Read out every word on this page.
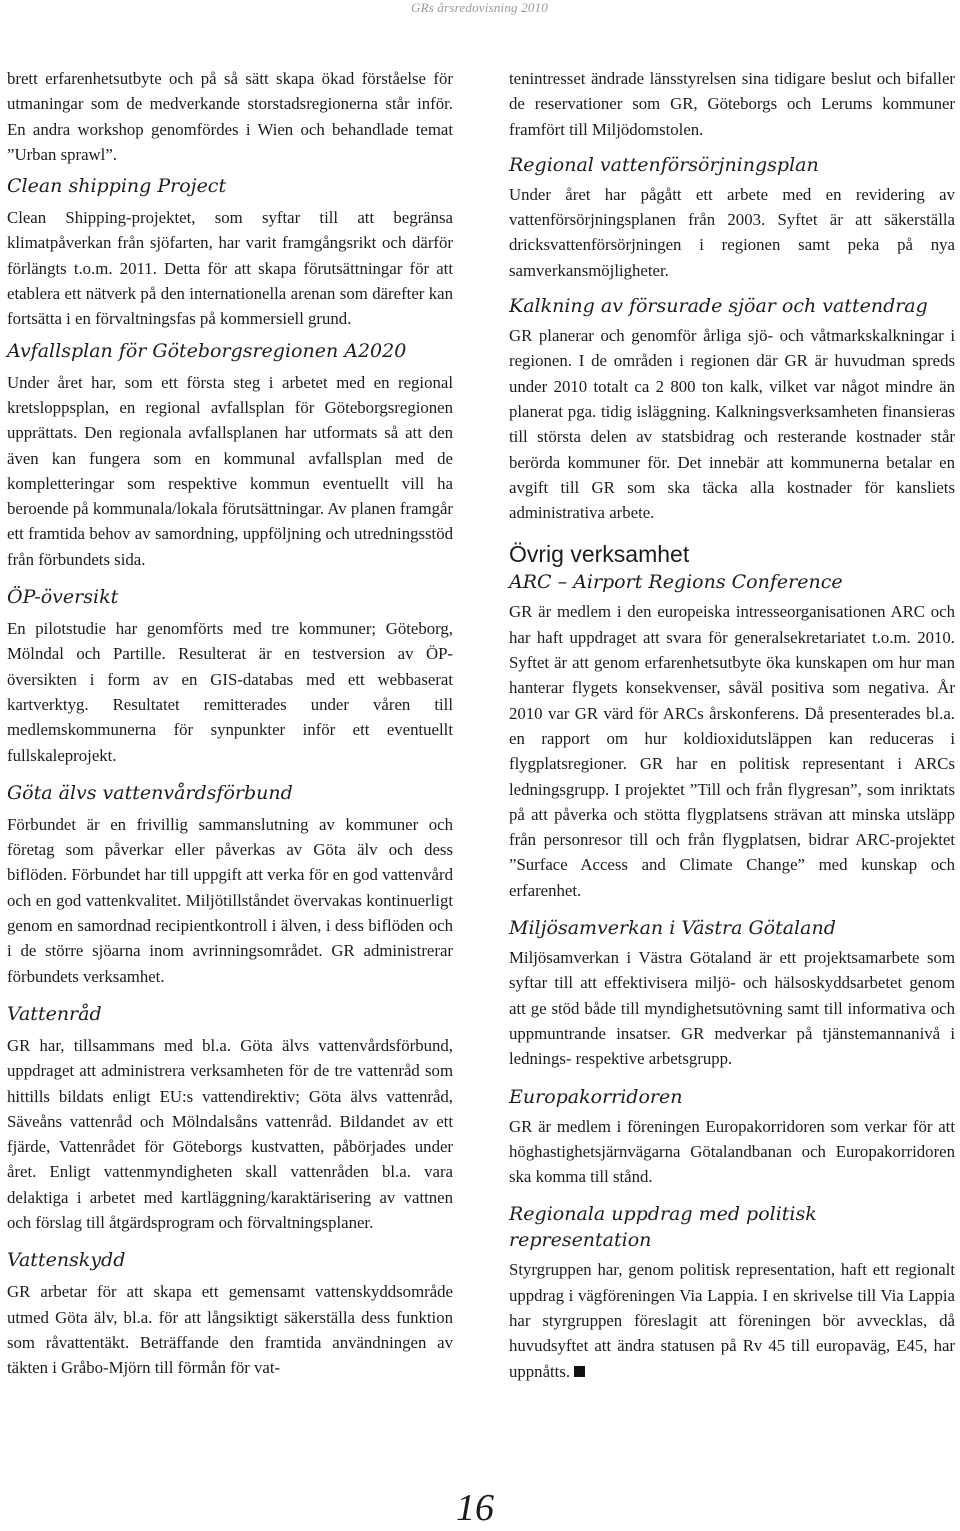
GRs årsredovisning 2010

brett erfarenhetsutbyte och på så sätt skapa ökad förståelse för utmaningar som de medverkande storstadsregionerna står inför. En andra workshop genomfördes i Wien och behandlade temat ”Urban sprawl”.

Clean shipping Project

Clean Shipping-projektet, som syftar till att begränsa klimatpåverkan från sjöfarten, har varit framgångsrikt och därför förlängts t.o.m. 2011. Detta för att skapa förutsättningar för att etablera ett nätverk på den internationella arenan som därefter kan fortsätta i en förvaltningsfas på kommersiell grund.

Avfallsplan för Göteborgsregionen A2020

Under året har, som ett första steg i arbetet med en regional kretsloppsplan, en regional avfallsplan för Göteborgsregionen upprättats. Den regionala avfallsplanen har utformats så att den även kan fungera som en kommunal avfallsplan med de kompletteringar som respektive kommun eventuellt vill ha beroende på kommunala/lokala förutsättningar. Av planen framgår ett framtida behov av samordning, uppföljning och utredningsstöd från förbundets sida.

ÖP-översikt

En pilotstudie har genomförts med tre kommuner; Göteborg, Mölndal och Partille. Resulterat är en testversion av ÖP-översikten i form av en GIS-databas med ett webbaserat kartverktyg. Resultatet remitterades under våren till medlemskommunerna för synpunkter inför ett eventuellt fullskaleprojekt.

Göta älvs vattenvårdsförbund

Förbundet är en frivillig sammanslutning av kommuner och företag som påverkar eller påverkas av Göta älv och dess biflöden. Förbundet har till uppgift att verka för en god vattenvård och en god vattenkvalitet. Miljötillståndet övervakas kontinuerligt genom en samordnad recipientkontroll i älven, i dess biflöden och i de större sjöarna inom avrinningsområdet. GR administrerar förbundets verksamhet.

Vattenråd

GR har, tillsammans med bl.a. Göta älvs vattenvårdsförbund, uppdraget att administrera verksamheten för de tre vattenråd som hittills bildats enligt EU:s vattendirektiv; Göta älvs vattenråd, Säveåns vattenråd och Mölndalsåns vattenråd. Bildandet av ett fjärde, Vattenrådet för Göteborgs kustvatten, påbörjades under året. Enligt vattenmyndigheten skall vattenråden bl.a. vara delaktiga i arbetet med kartläggning/karaktärisering av vattnen och förslag till åtgärdsprogram och förvaltningsplaner.

Vattenskydd

GR arbetar för att skapa ett gemensamt vattenskyddsområde utmed Göta älv, bl.a. för att långsiktigt säkerställa dess funktion som råvattentäkt. Beträffande den framtida användningen av täkten i Gråbo-Mjörn till förmån för vat-

tenintresset ändrade länsstyrelsen sina tidigare beslut och bifaller de reservationer som GR, Göteborgs och Lerums kommuner framfört till Miljödomstolen.

Regional vattenförsörjningsplan

Under året har pågått ett arbete med en revidering av vattenförsörjningsplanen från 2003. Syftet är att säkerställa dricksvattenförsörjningen i regionen samt peka på nya samverkansmöjligheter.

Kalkning av försurade sjöar och vattendrag

GR planerar och genomför årliga sjö- och våtmarkskalkningar i regionen. I de områden i regionen där GR är huvudman spreds under 2010 totalt ca 2 800 ton kalk, vilket var något mindre än planerat pga. tidig isläggning. Kalkningsverksamheten finansieras till största delen av statsbidrag och resterande kostnader står berörda kommuner för. Det innebär att kommunerna betalar en avgift till GR som ska täcka alla kostnader för kansliets administrativa arbete.

Övrig verksamhet
ARC – Airport Regions Conference

GR är medlem i den europeiska intresseorganisationen ARC och har haft uppdraget att svara för generalsekretariatet t.o.m. 2010. Syftet är att genom erfarenhetsutbyte öka kunskapen om hur man hanterar flygets konsekvenser, såväl positiva som negativa. År 2010 var GR värd för ARCs årskonferens. Då presenterades bl.a. en rapport om hur koldioxidutsläppen kan reduceras i flygplatsregioner. GR har en politisk representant i ARCs ledningsgrupp. I projektet ”Till och från flygresan”, som inriktats på att påverka och stötta flygplatsens strävan att minska utsläpp från personresor till och från flygplatsen, bidrar ARC-projektet ”Surface Access and Climate Change” med kunskap och erfarenhet.

Miljösamverkan i Västra Götaland

Miljösamverkan i Västra Götaland är ett projektsamarbete som syftar till att effektivisera miljö- och hälsoskyddsarbetet genom att ge stöd både till myndighetsutövning samt till informativa och uppmuntrande insatser. GR medverkar på tjänstemannanivå i lednings- respektive arbetsgrupp.

Europakorridoren

GR är medlem i föreningen Europakorridoren som verkar för att höghastighetsjärnvägarna Götalandbanan och Europakorridoren ska komma till stånd.

Regionala uppdrag med politisk representation

Styrgruppen har, genom politisk representation, haft ett regionalt uppdrag i vägföreningen Via Lappia. I en skrivelse till Via Lappia har styrgruppen föreslagit att föreningen bör avvecklas, då huvudsyftet att ändra statusen på Rv 45 till europaväg, E45, har uppnåtts.

16
